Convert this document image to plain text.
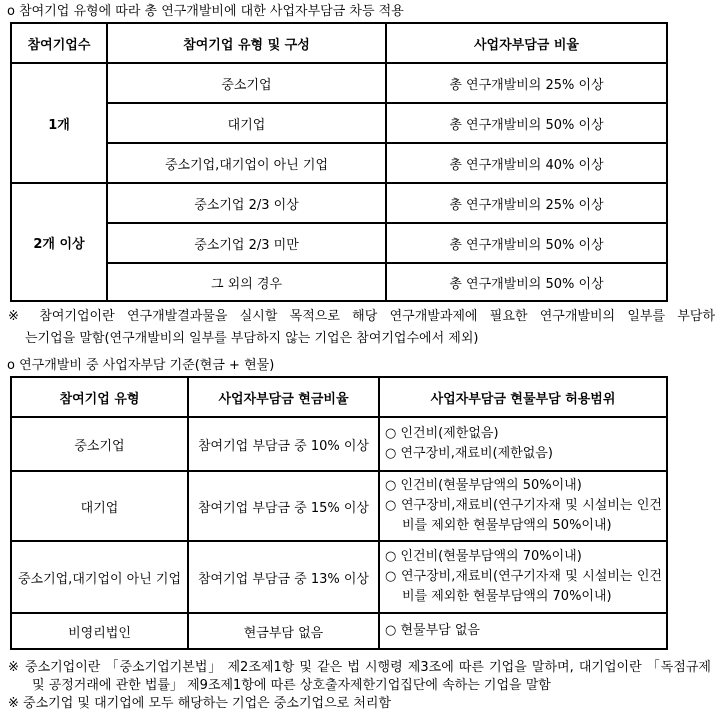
o 참여기업 유형에 따라 총 연구개발비에 대한 사업자부담금 차등 적용
참여기업수	참여기업 유형 및 구성	사업자부담금 비율
1개	중소기업	총 연구개발비의 25% 이상
	대기업	총 연구개발비의 50% 이상
	중소기업,대기업이 아닌 기업	총 연구개발비의 40% 이상
2개 이상	중소기업 2/3 이상	총 연구개발비의 25% 이상
	중소기업 2/3 미만	총 연구개발비의 50% 이상
	그 외의 경우	총 연구개발비의 50% 이상
※ 참여기업이란 연구개발결과물을 실시할 목적으로 해당 연구개발과제에 필요한 연구개발비의 일부를 부담하
는기업을 말함(연구개발비의 일부를 부담하지 않는 기업은 참여기업수에서 제외)
o 연구개발비 중 사업자부담 기준(현금 + 현물)
참여기업 유형	사업자부담금 현금비율	사업자부담금 현물부담 허용범위
중소기업	참여기업 부담금 중 10% 이상	○ 인건비(제한없음)
○ 연구장비,재료비(제한없음)

대기업	참여기업 부담금 중 15% 이상	○ 인건비(현물부담액의 50%이내)
○ 연구장비,재료비(연구기자재 및 시설비는 인건비를 제외한 현물부담액의 50%이내)

중소기업,대기업이 아닌 기업	참여기업 부담금 중 13% 이상	○ 인건비(현물부담액의 70%이내)
○ 연구장비,재료비(연구기자재 및 시설비는 인건비를 제외한 현물부담액의 70%이내)

비영리법인	현금부담 없음	○ 현물부담 없음
※ 중소기업이란 「중소기업기본법」 제2조제1항 및 같은 법 시행령 제3조에 따른 기업을 말하며, 대기업이란 「독점규제
및 공정거래에 관한 법률」 제9조제1항에 따른 상호출자제한기업집단에 속하는 기업을 말함
※ 중소기업 및 대기업에 모두 해당하는 기업은 중소기업으로 처리함
